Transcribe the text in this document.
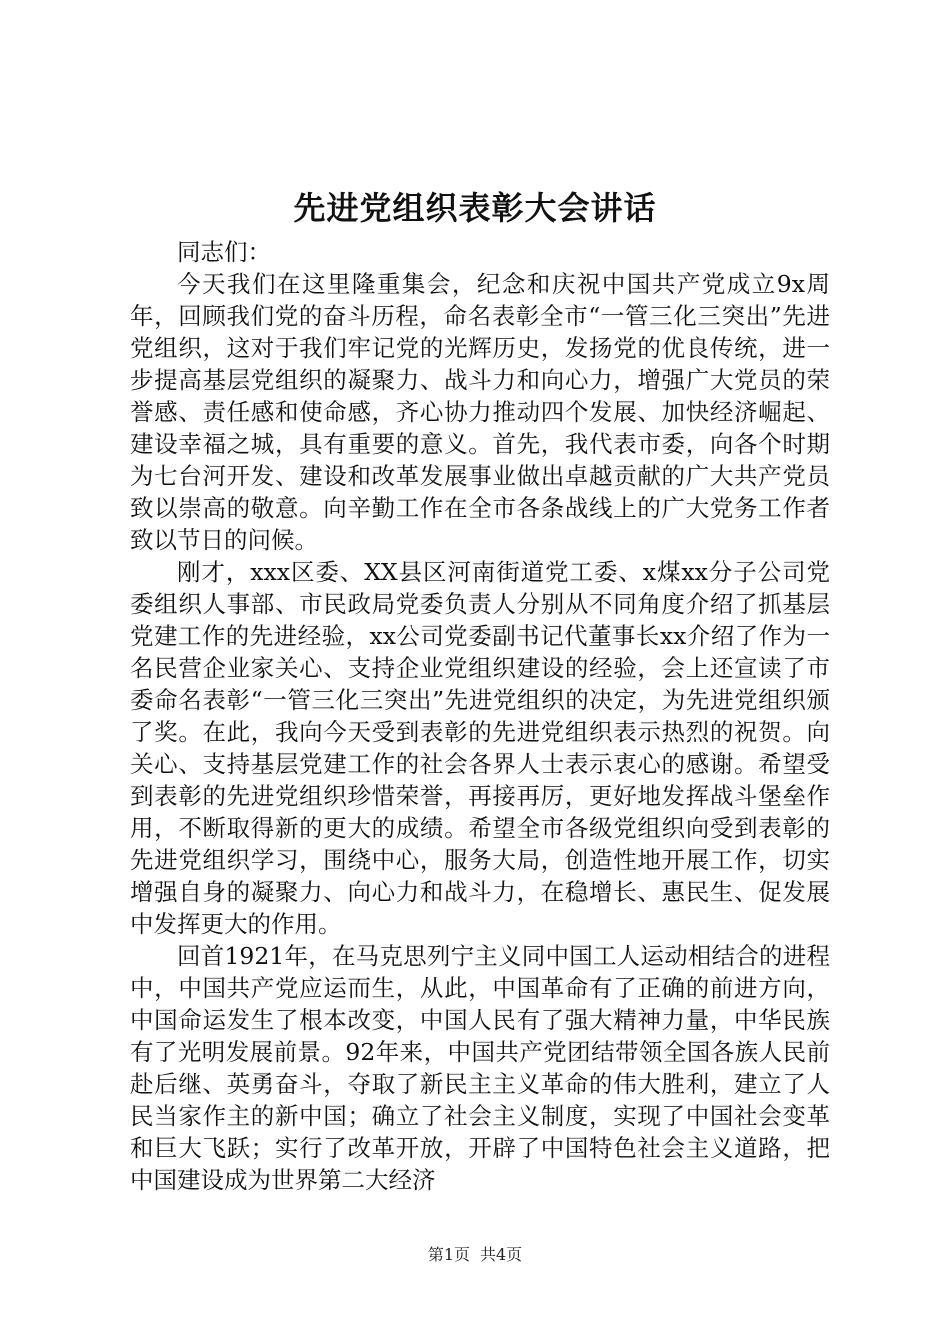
先进党组织表彰大会讲话

同志们：

今天我们在这里隆重集会，纪念和庆祝中国共产党成立9x周年，回顾我们党的奋斗历程，命名表彰全市“一管三化三突出”先进党组织，这对于我们牢记党的光辉历史，发扬党的优良传统，进一步提高基层党组织的凝聚力、战斗力和向心力，增强广大党员的荣誉感、责任感和使命感，齐心协力推动四个发展、加快经济崛起、建设幸福之城，具有重要的意义。首先，我代表市委，向各个时期为七台河开发、建设和改革发展事业做出卓越贡献的广大共产党员致以崇高的敬意。向辛勤工作在全市各条战线上的广大党务工作者致以节日的问候。

刚才，xxx区委、XX县区河南街道党工委、x煤xx分子公司党委组织人事部、市民政局党委负责人分别从不同角度介绍了抓基层党建工作的先进经验，xx公司党委副书记代董事长xx介绍了作为一名民营企业家关心、支持企业党组织建设的经验，会上还宣读了市委命名表彰“一管三化三突出”先进党组织的决定，为先进党组织颁了奖。在此，我向今天受到表彰的先进党组织表示热烈的祝贺。向关心、支持基层党建工作的社会各界人士表示衷心的感谢。希望受到表彰的先进党组织珍惜荣誉，再接再厉，更好地发挥战斗堡垒作用，不断取得新的更大的成绩。希望全市各级党组织向受到表彰的先进党组织学习，围绕中心，服务大局，创造性地开展工作，切实增强自身的凝聚力、向心力和战斗力，在稳增长、惠民生、促发展中发挥更大的作用。

回首1921年，在马克思列宁主义同中国工人运动相结合的进程中，中国共产党应运而生，从此，中国革命有了正确的前进方向，中国命运发生了根本改变，中国人民有了强大精神力量，中华民族有了光明发展前景。92年来，中国共产党团结带领全国各族人民前赴后继、英勇奋斗，夺取了新民主主义革命的伟大胜利，建立了人民当家作主的新中国；确立了社会主义制度，实现了中国社会变革和巨大飞跃；实行了改革开放，开辟了中国特色社会主义道路，把中国建设成为世界第二大经济

第1页 共4页
